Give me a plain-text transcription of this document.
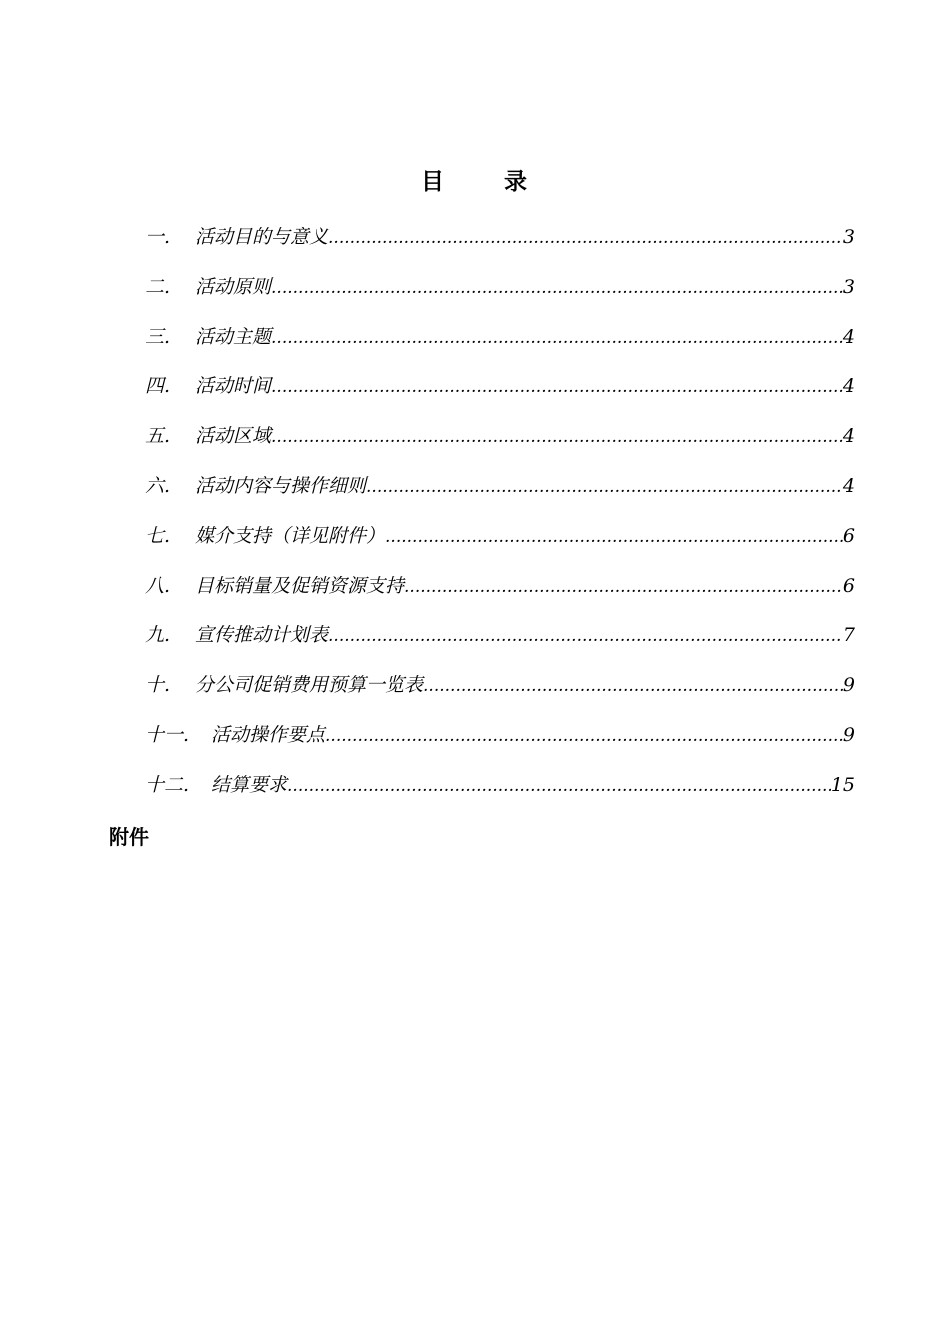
目	录
一.	活动目的与意义 .....	3
二.	活动原则 .....	3
三.	活动主题 .....	4
四.	活动时间 .....	4
五.	活动区域 .....	4
六.	活动内容与操作细则 .....	4
七.	媒介支持（详见附件） .....	6
八.	目标销量及促销资源支持 .....	6
九.	宣传推动计划表 .....	7
十.	分公司促销费用预算一览表 .....	9
十一.	活动操作要点 .....	9
十二.	结算要求 .....	15
附件
